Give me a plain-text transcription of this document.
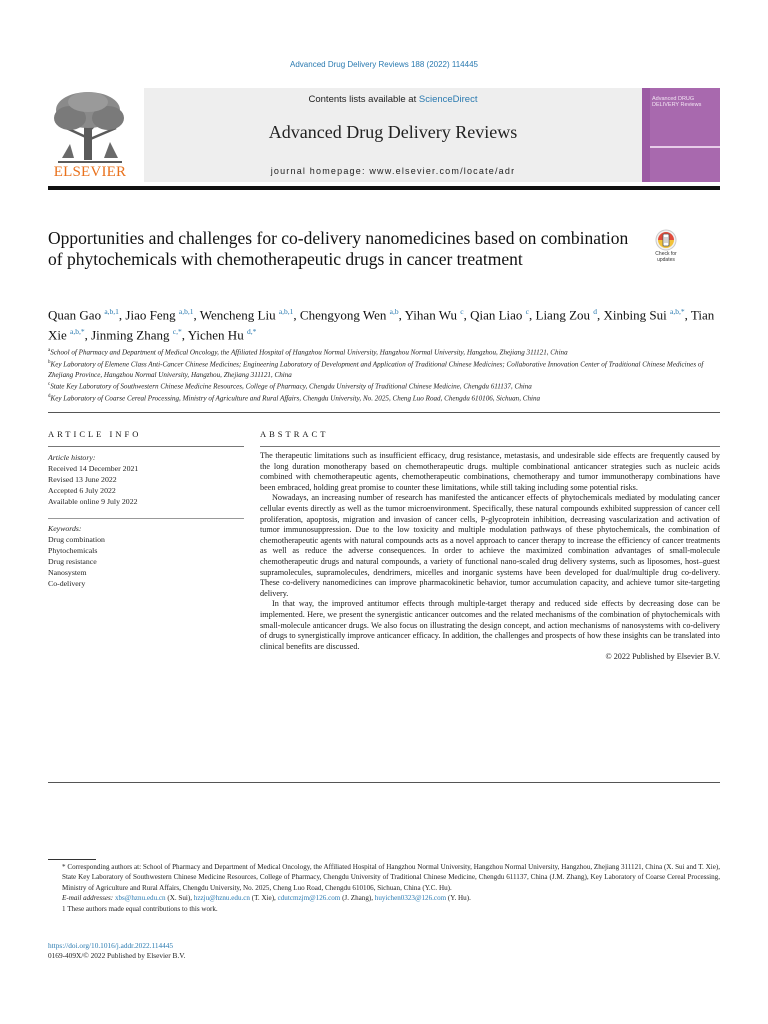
Advanced Drug Delivery Reviews 188 (2022) 114445
ELSEVIER
Contents lists available at ScienceDirect
Advanced Drug Delivery Reviews
journal homepage: www.elsevier.com/locate/adr
Advanced DRUG DELIVERY Reviews
Opportunities and challenges for co-delivery nanomedicines based on combination of phytochemicals with chemotherapeutic drugs in cancer treatment	Check for updates
Quan Gao $^{a,b,1}$, Jiao Feng $^{a,b,1}$, Wencheng Liu $^{a,b,1}$, Chengyong Wen $^{a,b}$, Yihan Wu $^c$, Qian Liao $^c$, Liang Zou $^d$, Xinbing Sui $^{a,b,*}$, Tian Xie $^{a,b,*}$, Jinming Zhang $^{c,*}$, Yichen Hu $^{d,*}$
$^a$School of Pharmacy and Department of Medical Oncology, the Affiliated Hospital of Hangzhou Normal University, Hangzhou Normal University, Hangzhou, Zhejiang 311121, China
$^b$Key Laboratory of Elemene Class Anti-Cancer Chinese Medicines; Engineering Laboratory of Development and Application of Traditional Chinese Medicines; Collaborative Innovation Center of Traditional Chinese Medicines of Zhejiang Province, Hangzhou Normal University, Hangzhou, Zhejiang 311121, China
$^c$State Key Laboratory of Southwestern Chinese Medicine Resources, College of Pharmacy, Chengdu University of Traditional Chinese Medicine, Chengdu 611137, China
$^d$Key Laboratory of Coarse Cereal Processing, Ministry of Agriculture and Rural Affairs, Chengdu University, No. 2025, Cheng Luo Road, Chengdu 610106, Sichuan, China
ARTICLE INFO	ABSTRACT
Article history:
Received 14 December 2021
Revised 13 June 2022
Accepted 6 July 2022
Available online 9 July 2022
Keywords:
Drug combination
Phytochemicals
Drug resistance
Nanosystem
Co-delivery

The therapeutic limitations such as insufficient efficacy, drug resistance, metastasis, and undesirable side effects are frequently caused by the long duration monotherapy based on chemotherapeutic drugs. multiple combinational anticancer strategies such as nucleic acids combined with chemotherapeutic agents, chemotherapeutic combinations, chemotherapy and tumor immunotherapy combinations have been embraced, holding great promise to counter these limitations, while still taking including some potential risks.

Nowadays, an increasing number of research has manifested the anticancer effects of phytochemicals mediated by modulating cancer cellular events directly as well as the tumor microenvironment. Specifically, these natural compounds exhibited suppression of cancer cell proliferation, apoptosis, migration and invasion of cancer cells, P-glycoprotein inhibition, decreasing vascularization and activation of tumor immunosuppression. Due to the low toxicity and multiple modulation pathways of these phytochemicals, the combination of chemotherapeutic agents with natural compounds acts as a novel approach to cancer therapy to increase the efficiency of cancer treatments as well as reduce the adverse consequences. In order to achieve the maximized combination advantages of small-molecule chemotherapeutic drugs and natural compounds, a variety of functional nano-scaled drug delivery systems, such as liposomes, host–guest supramolecules, supramolecules, dendrimers, micelles and inorganic systems have been developed for dual/multiple drug co-delivery. These co-delivery nanomedicines can improve pharmacokinetic behavior, tumor accumulation capacity, and achieve tumor site-targeting delivery.

In that way, the improved antitumor effects through multiple-target therapy and reduced side effects by decreasing dose can be implemented. Here, we present the synergistic anticancer outcomes and the related mechanisms of the combination of phytochemicals with small-molecule anticancer drugs. We also focus on illustrating the design concept, and action mechanisms of nanosystems with co-delivery of drugs to synergistically improve anticancer efficacy. In addition, the challenges and prospects of how these insights can be translated into clinical benefits are discussed.

© 2022 Published by Elsevier B.V.
* Corresponding authors at: School of Pharmacy and Department of Medical Oncology, the Affiliated Hospital of Hangzhou Normal University, Hangzhou Normal University, Hangzhou, Zhejiang 311121, China (X. Sui and T. Xie), State Key Laboratory of Southwestern Chinese Medicine Resources, College of Pharmacy, Chengdu University of Traditional Chinese Medicine, Chengdu 611137, China (J.M. Zhang), Key Laboratory of Coarse Cereal Processing, Ministry of Agriculture and Rural Affairs, Chengdu University, No. 2025, Cheng Luo Road, Chengdu 610106, Sichuan, China (Y.C. Hu).
E-mail addresses: xbs@hznu.edu.cn (X. Sui), hzzju@hznu.edu.cn (T. Xie), cdutcmzjm@126.com (J. Zhang), huyichen0323@126.com (Y. Hu).
1 These authors made equal contributions to this work.
https://doi.org/10.1016/j.addr.2022.114445
0169-409X/© 2022 Published by Elsevier B.V.
